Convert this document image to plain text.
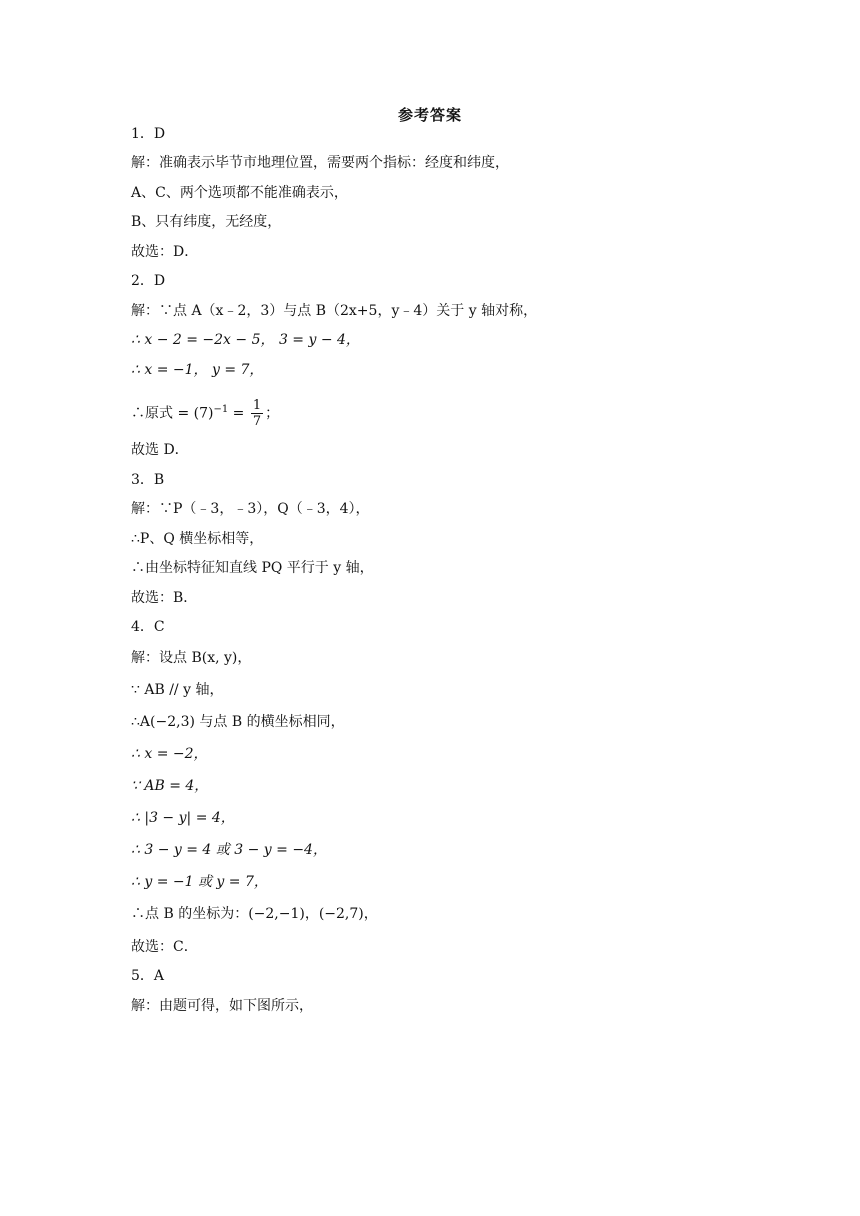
参考答案
1．D
解：准确表示毕节市地理位置，需要两个指标：经度和纬度，
A、C、两个选项都不能准确表示，
B、只有纬度，无经度，
故选：D．
2．D
解：∵点 A（x﹣2，3）与点 B（2x+5，y﹣4）关于 y 轴对称，
∴ x − 2 = −2x − 5， 3 = y − 4，
∴ x = −1， y = 7，
∴原式 = $(7)^{-1} = \frac{1}{7}$ ；
故选 D．
3．B
解：∵P（﹣3，﹣3），Q（﹣3，4），
∴P、Q 横坐标相等，
∴由坐标特征知直线 PQ 平行于 y 轴，
故选：B．
4．C
解：设点 B(x, y)，
∵ AB // y 轴，
∴A(−2,3) 与点 B 的横坐标相同，
∴ x = −2，
∵ AB = 4，
∴ |3 − y| = 4，
∴ 3 − y = 4 或 3 − y = −4，
∴ y = −1 或 y = 7，
∴点 B 的坐标为：(−2,−1)，(−2,7)，
故选：C．
5．A
解：由题可得，如下图所示，
